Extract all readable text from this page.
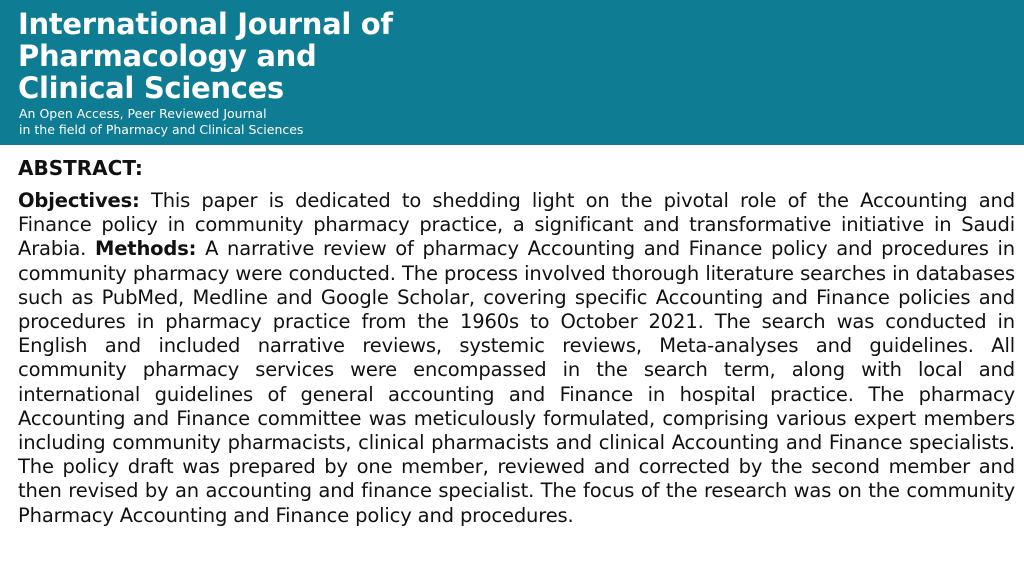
International Journal of
Pharmacology and
Clinical Sciences
An Open Access, Peer Reviewed Journal
in the field of Pharmacy and Clinical Sciences
ABSTRACT:

Objectives: This paper is dedicated to shedding light on the pivotal role of the Accounting and Finance policy in community pharmacy practice, a significant and transformative initiative in Saudi Arabia. Methods: A narrative review of pharmacy Accounting and Finance policy and procedures in community pharmacy were conducted. The process involved thorough literature searches in databases such as PubMed, Medline and Google Scholar, covering specific Accounting and Finance policies and procedures in pharmacy practice from the 1960s to October 2021. The search was conducted in English and included narrative reviews, systemic reviews, Meta-analyses and guidelines. All community pharmacy services were encompassed in the search term, along with local and international guidelines of general accounting and Finance in hospital practice. The pharmacy Accounting and Finance committee was meticulously formulated, comprising various expert members including community pharmacists, clinical pharmacists and clinical Accounting and Finance specialists. The policy draft was prepared by one member, reviewed and corrected by the second member and then revised by an accounting and finance specialist. The focus of the research was on the community Pharmacy Accounting and Finance policy and procedures.
